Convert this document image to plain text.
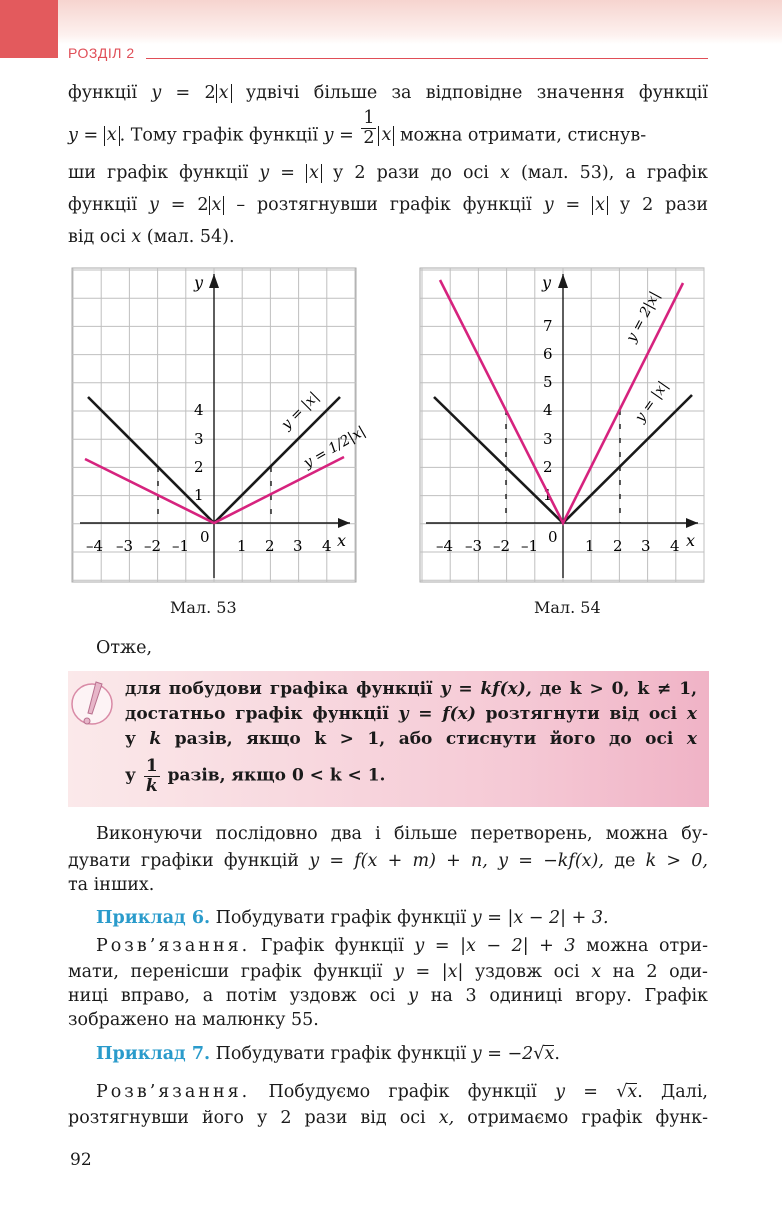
РОЗДІЛ 2
функції y = 2 x удвічі більше за відповідне значення функції
y = x . Тому графік функції $y = \frac{1}{2}$ x можна отримати, стиснув-
ши графік функції y = x у 2 рази до осі x (мал. 53), а графік
функції y = 2 x – розтягнувши графік функції y = x у 2 рази
від осі x (мал. 54).
x
y
0
–4 –3 –2 –1	1 2 3 4
1
2
3
4	y = |x|
y = 1/2|x|
Мал. 53
x
y
0
–4 –3 –2 –1	1 2 3 4
1
2
3
4
5
6
7
y = |x|
y = 2|x|
Мал. 54
Отже,
для побудови графіка функції y = kf(x), де k > 0, k ≠ 1,
достатньо графік функції y = f(x) розтягнути від осі x
у k разів, якщо k > 1, або стиснути його до осі x
у $\frac{1}{k}$ разів, якщо 0 < k < 1.
Виконуючи послідовно два і більше перетворень, можна бу-
дувати графіки функцій y = f(x + m) + n, y = −kf(x), де k > 0,
та інших.
Приклад 6. Побудувати графік функції y = |x − 2| + 3.
Розв’язання. Графік функції y = |x − 2| + 3 можна отри-
мати, перенісши графік функції y = |x| уздовж осі x на 2 оди-
ниці вправо, а потім уздовж осі y на 3 одиниці вгору. Графік
зображено на малюнку 55.
Приклад 7. Побудувати графік функції y = −2√x.
Розв’язання. Побудуємо графік функції y = √x. Далі,
розтягнувши його у 2 рази від осі x, отримаємо графік функ-
92
